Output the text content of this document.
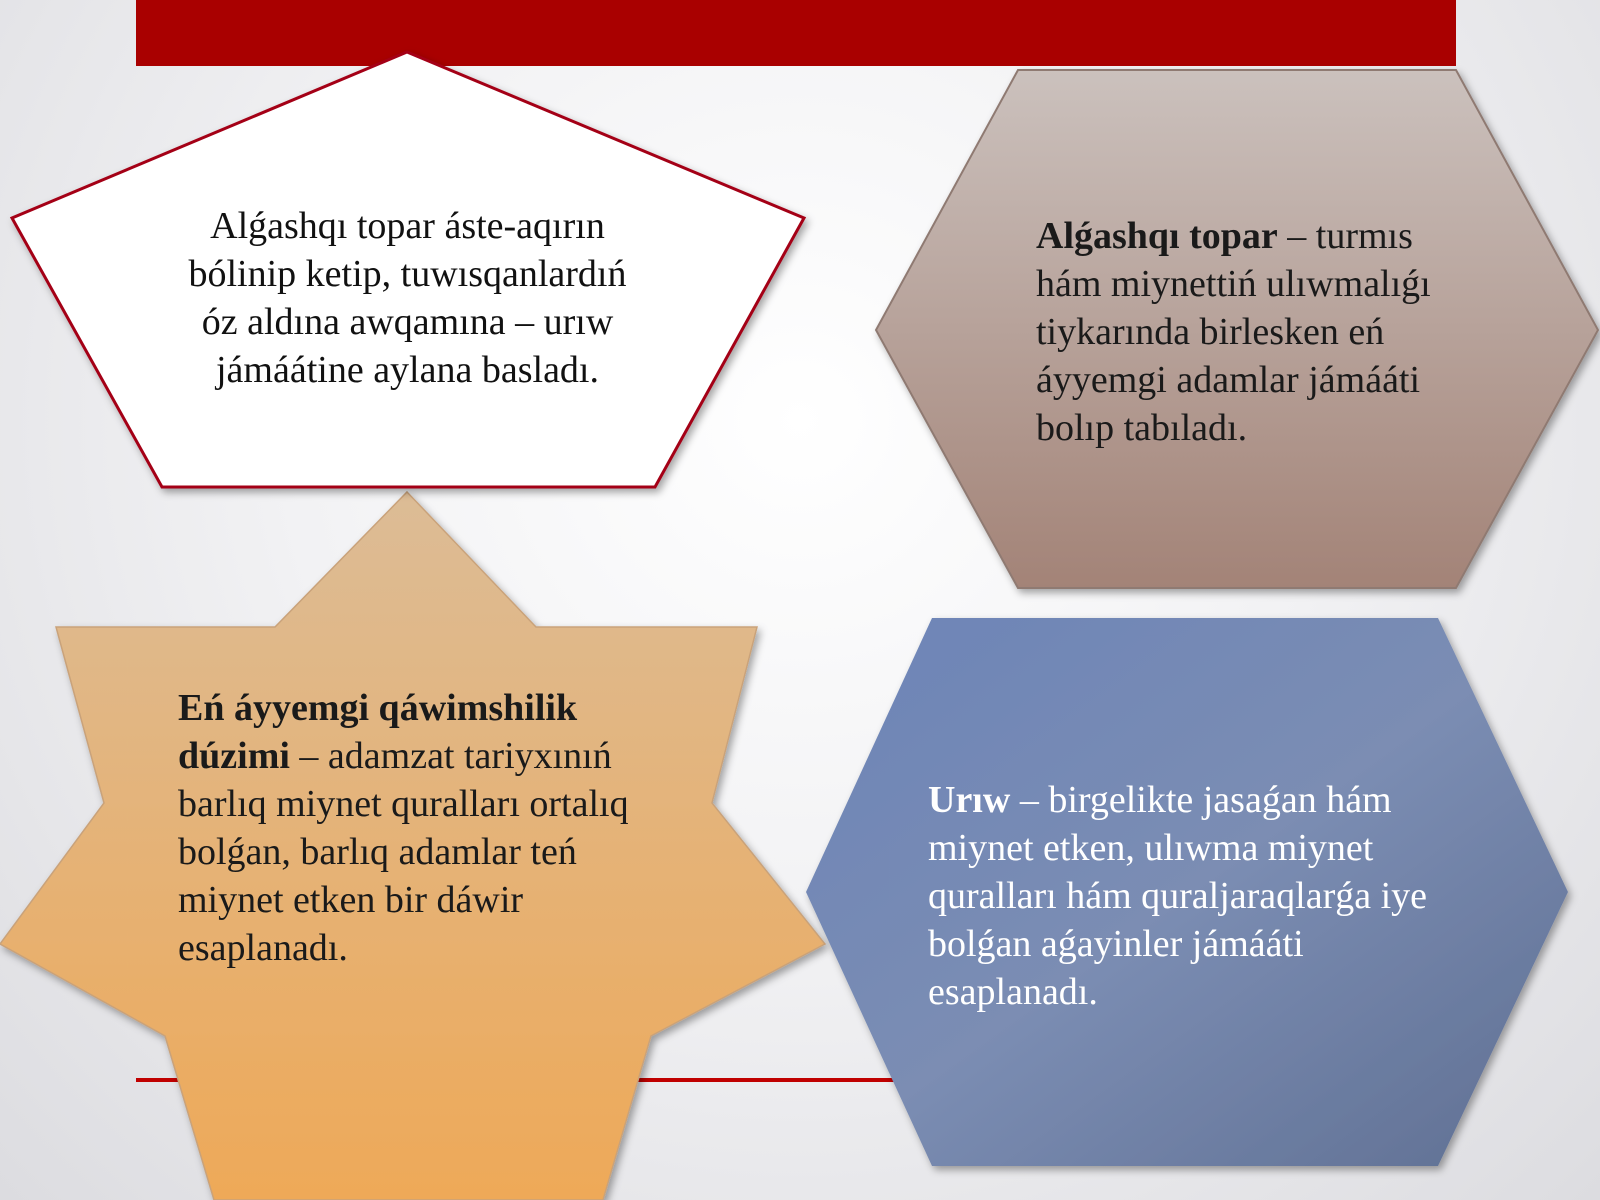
Alǵashqı topar áste-aqırın bólinip ketip, tuwısqanlardıń óz aldına awqamına – urıw jámáátine aylana basladı.

Alǵashqı topar – turmıs hám miynettiń ulıwmalıǵı tiykarında birlesken eń áyyemgi adamlar jámááti bolıp tabıladı.

Eń áyyemgi qáwimshilik dúzimi – adamzat tariyxınıń barlıq miynet quralları ortalıq bolǵan, barlıq adamlar teń miynet etken bir dáwir esaplanadı.

Urıw – birgelikte jasaǵan hám miynet etken, ulıwma miynet quralları hám quraljaraqlarǵa iye bolǵan aǵayinler jámááti esaplanadı.
